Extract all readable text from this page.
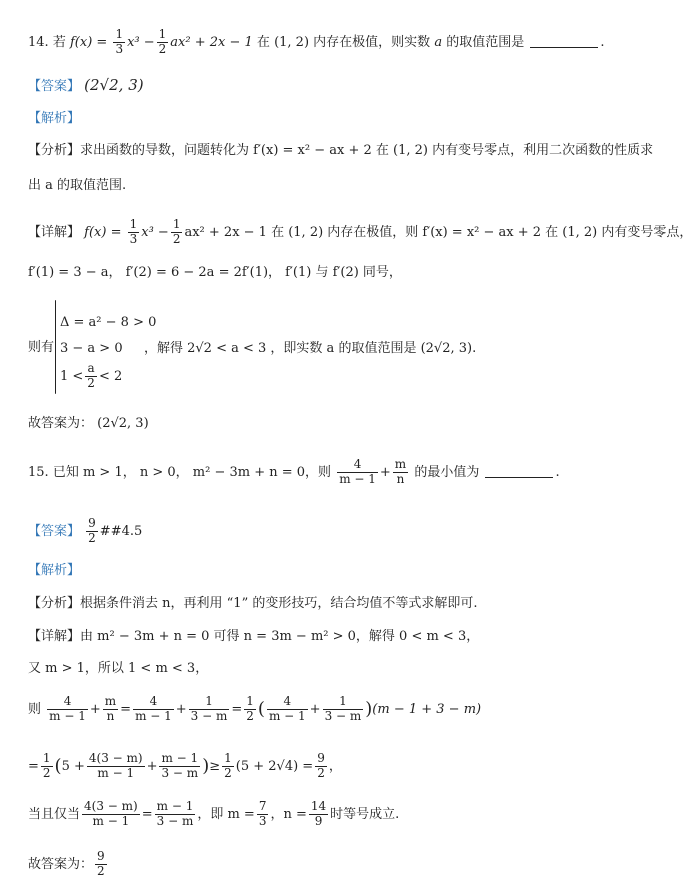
14. 若 $f(x) = \frac{1}{3} x^3 - \frac{1}{2} ax^2 + 2x - 1$ 在 (1, 2) 内存在极值，则实数 a 的取值范围是	.
【答案】 (2√2, 3)
【解析】
【分析】求出函数的导数，问题转化为 f′(x) = x² − ax + 2 在 (1, 2) 内有变号零点，利用二次函数的性质求
出 a 的取值范围.
【详解】 $f(x) = \frac{1}{3} x^3 - \frac{1}{2} ax^2 + 2x - 1$ 在 (1, 2) 内存在极值，则 f′(x) = x² − ax + 2 在 (1, 2) 内有变号零点，
f′(1) = 3 − a， f′(2) = 6 − 2a = 2f′(1)， f′(1) 与 f′(2) 同号，
则有
Δ = a² − 8 > 0
3 − a > 0
$1 < \frac{a}{2} < 2$
，解得 2√2 < a < 3 ，即实数 a 的取值范围是 (2√2, 3).
故答案为： (2√2, 3)
15. 已知 m > 1， n > 0， m² − 3m + n = 0，则 $\frac{4}{m - 1} + \frac{m}{n}$ 的最小值为	.
【答案】 $\frac{9}{2}$ ##4.5
【解析】
【分析】根据条件消去 n，再利用 “1” 的变形技巧，结合均值不等式求解即可.
【详解】由 m² − 3m + n = 0 可得 n = 3m − m² > 0，解得 0 < m < 3，
又 m > 1，所以 1 < m < 3，
则 $\frac{4}{m - 1} + \frac{m}{n} = \frac{4}{m - 1} + \frac{1}{3 - m} = \frac{1}{2}$ ( $\frac{4}{m - 1} + \frac{1}{3 - m} )(m - 1 + 3 - m)$
= $\frac{1}{2} (5 + \frac{4(3 - m)}{m - 1} + \frac{m - 1}{3 - m}$ )≥ $\frac{1}{2} (5 + 2√4) = \frac{9}{2}$ ，
当且仅当 $\frac{4(3 - m)}{m - 1} = \frac{m - 1}{3 - m}$ ，即 $m = \frac{7}{3}$ ，$n = \frac{14}{9}$ 时等号成立.
故答案为： $\frac{9}{2}$
